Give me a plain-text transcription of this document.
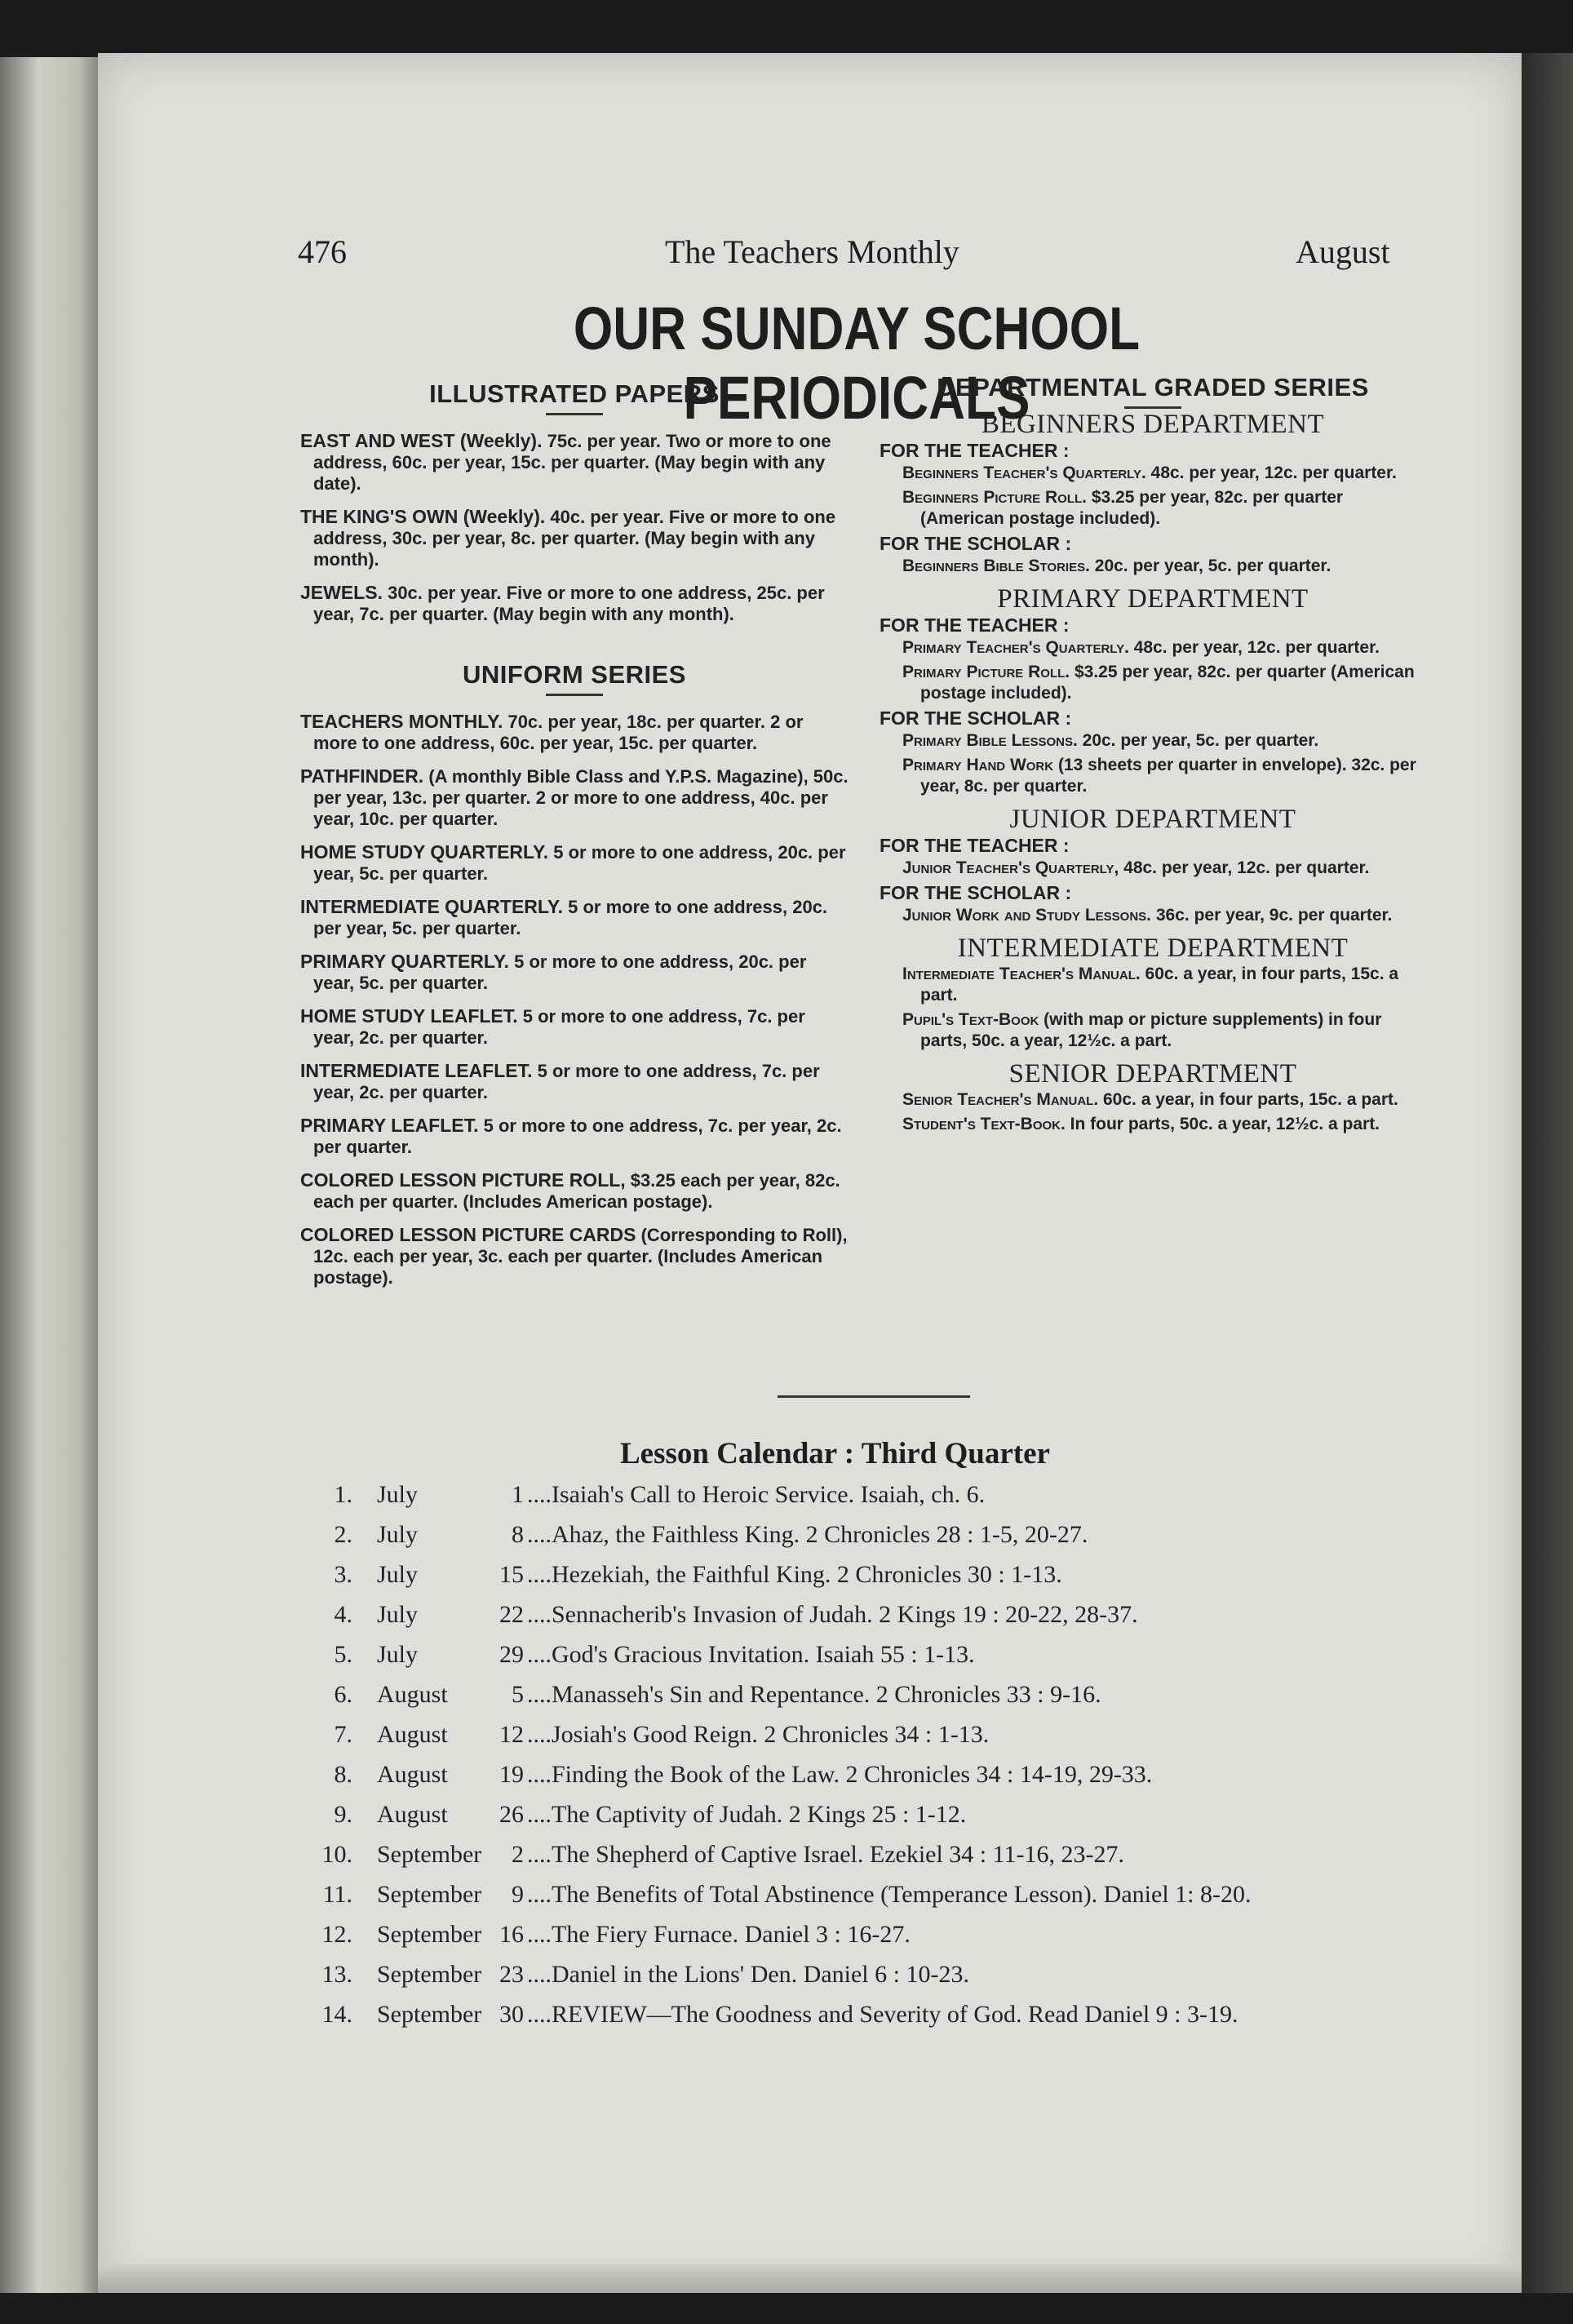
476	The Teachers Monthly	August
OUR SUNDAY SCHOOL PERIODICALS
ILLUSTRATED PAPERS
EAST AND WEST (Weekly). 75c. per year. Two or more to one address, 60c. per year, 15c. per quarter. (May begin with any date).
THE KING'S OWN (Weekly). 40c. per year. Five or more to one address, 30c. per year, 8c. per quarter. (May begin with any month).
JEWELS. 30c. per year. Five or more to one address, 25c. per year, 7c. per quarter. (May begin with any month).
UNIFORM SERIES
TEACHERS MONTHLY. 70c. per year, 18c. per quarter. 2 or more to one address, 60c. per year, 15c. per quarter.
PATHFINDER. (A monthly Bible Class and Y.P.S. Magazine), 50c. per year, 13c. per quarter. 2 or more to one address, 40c. per year, 10c. per quarter.
HOME STUDY QUARTERLY. 5 or more to one address, 20c. per year, 5c. per quarter.
INTERMEDIATE QUARTERLY. 5 or more to one address, 20c. per year, 5c. per quarter.
PRIMARY QUARTERLY. 5 or more to one address, 20c. per year, 5c. per quarter.
HOME STUDY LEAFLET. 5 or more to one address, 7c. per year, 2c. per quarter.
INTERMEDIATE LEAFLET. 5 or more to one address, 7c. per year, 2c. per quarter.
PRIMARY LEAFLET. 5 or more to one address, 7c. per year, 2c. per quarter.
COLORED LESSON PICTURE ROLL, $3.25 each per year, 82c. each per quarter. (Includes American postage).
COLORED LESSON PICTURE CARDS (Corresponding to Roll), 12c. each per year, 3c. each per quarter. (Includes American postage).
DEPARTMENTAL GRADED SERIES
BEGINNERS DEPARTMENT
FOR THE TEACHER :
Beginners Teacher's Quarterly. 48c. per year, 12c. per quarter.
Beginners Picture Roll. $3.25 per year, 82c. per quarter (American postage included).
FOR THE SCHOLAR :
Beginners Bible Stories. 20c. per year, 5c. per quarter.
PRIMARY DEPARTMENT
FOR THE TEACHER :
Primary Teacher's Quarterly. 48c. per year, 12c. per quarter.
Primary Picture Roll. $3.25 per year, 82c. per quarter (American postage included).
FOR THE SCHOLAR :
Primary Bible Lessons. 20c. per year, 5c. per quarter.
Primary Hand Work (13 sheets per quarter in envelope). 32c. per year, 8c. per quarter.
JUNIOR DEPARTMENT
FOR THE TEACHER :
Junior Teacher's Quarterly, 48c. per year, 12c. per quarter.
FOR THE SCHOLAR :
Junior Work and Study Lessons. 36c. per year, 9c. per quarter.
INTERMEDIATE DEPARTMENT
Intermediate Teacher's Manual. 60c. a year, in four parts, 15c. a part.
Pupil's Text-Book (with map or picture supplements) in four parts, 50c. a year, 12½c. a part.
SENIOR DEPARTMENT
Senior Teacher's Manual. 60c. a year, in four parts, 15c. a part.
Student's Text-Book. In four parts, 50c. a year, 12½c. a part.
Lesson Calendar : Third Quarter
1. July	1 ....Isaiah's Call to Heroic Service. Isaiah, ch. 6.
2. July	8 ....Ahaz, the Faithless King. 2 Chronicles 28 : 1-5, 20-27.
3. July	15 ....Hezekiah, the Faithful King. 2 Chronicles 30 : 1-13.
4. July	22 ....Sennacherib's Invasion of Judah. 2 Kings 19 : 20-22, 28-37.
5. July	29 ....God's Gracious Invitation. Isaiah 55 : 1-13.
6. August	5 ....Manasseh's Sin and Repentance. 2 Chronicles 33 : 9-16.
7. August	12 ....Josiah's Good Reign. 2 Chronicles 34 : 1-13.
8. August	19 ....Finding the Book of the Law. 2 Chronicles 34 : 14-19, 29-33.
9. August	26 ....The Captivity of Judah. 2 Kings 25 : 1-12.
10. September	2 ....The Shepherd of Captive Israel. Ezekiel 34 : 11-16, 23-27.
11. September	9 ....The Benefits of Total Abstinence (Temperance Lesson). Daniel 1: 8-20.
12. September 16 ....The Fiery Furnace. Daniel 3 : 16-27.
13. September 23 ....Daniel in the Lions' Den. Daniel 6 : 10-23.
14. September 30 ....REVIEW—The Goodness and Severity of God. Read Daniel 9 : 3-19.
